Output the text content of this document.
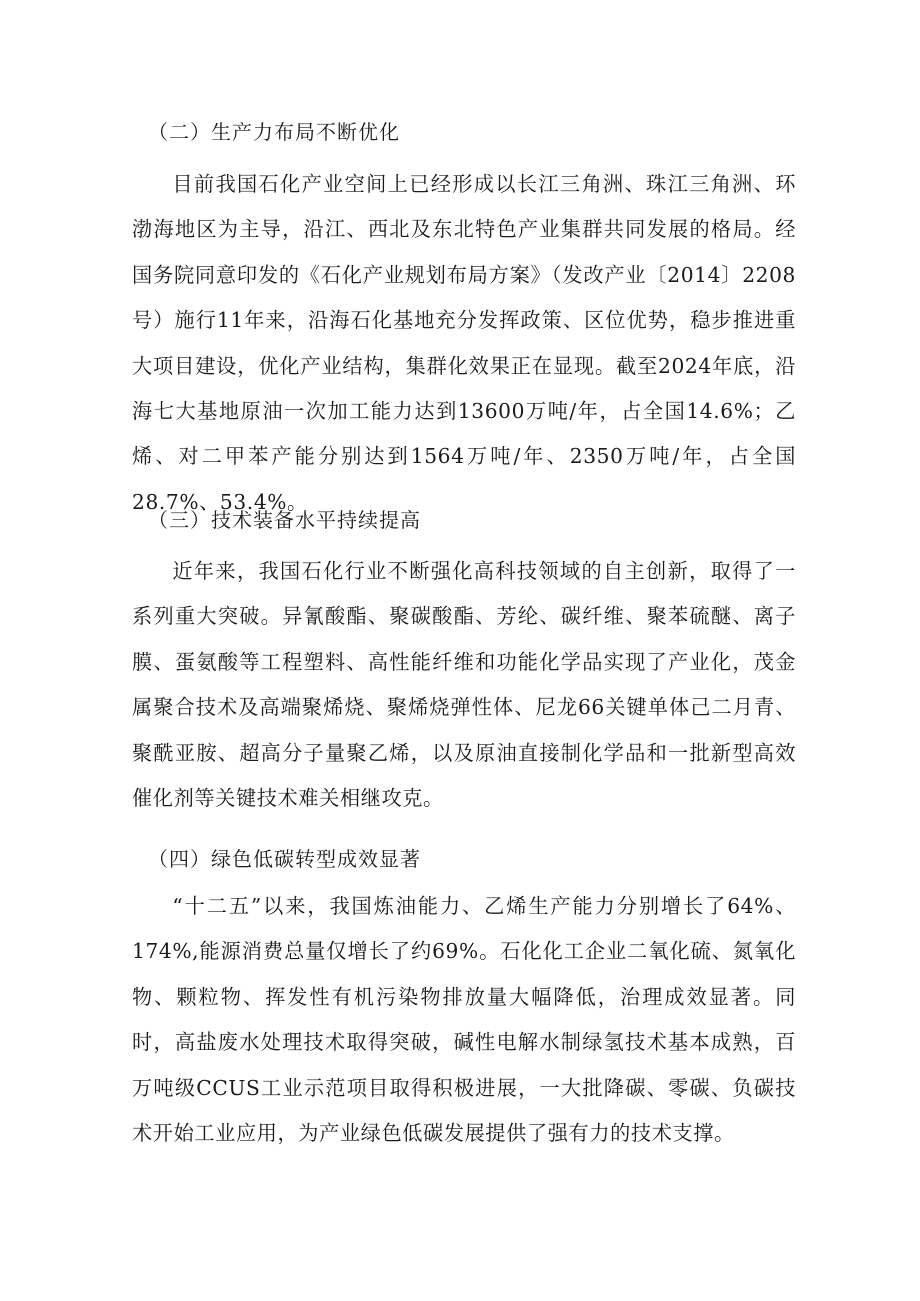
（二）生产力布局不断优化

目前我国石化产业空间上已经形成以长江三角洲、珠江三角洲、环渤海地区为主导，沿江、西北及东北特色产业集群共同发展的格局。经国务院同意印发的《石化产业规划布局方案》（发改产业〔2014〕2208号）施行11年来，沿海石化基地充分发挥政策、区位优势，稳步推进重大项目建设，优化产业结构，集群化效果正在显现。截至2024年底，沿海七大基地原油一次加工能力达到13600万吨/年，占全国14.6%；乙烯、对二甲苯产能分别达到1564万吨/年、2350万吨/年，占全国28.7%、53.4%。

（三）技术装备水平持续提高

近年来，我国石化行业不断强化高科技领域的自主创新，取得了一系列重大突破。异氰酸酯、聚碳酸酯、芳纶、碳纤维、聚苯硫醚、离子膜、蛋氨酸等工程塑料、高性能纤维和功能化学品实现了产业化，茂金属聚合技术及高端聚烯烧、聚烯烧弹性体、尼龙66关键单体己二月青、聚酰亚胺、超高分子量聚乙烯，以及原油直接制化学品和一批新型高效催化剂等关键技术难关相继攻克。

（四）绿色低碳转型成效显著

“十二五”以来，我国炼油能力、乙烯生产能力分别增长了64%、174%,能源消费总量仅增长了约69%。石化化工企业二氧化硫、氮氧化物、颗粒物、挥发性有机污染物排放量大幅降低，治理成效显著。同时，高盐废水处理技术取得突破，碱性电解水制绿氢技术基本成熟，百万吨级CCUS工业示范项目取得积极进展，一大批降碳、零碳、负碳技术开始工业应用，为产业绿色低碳发展提供了强有力的技术支撑。
